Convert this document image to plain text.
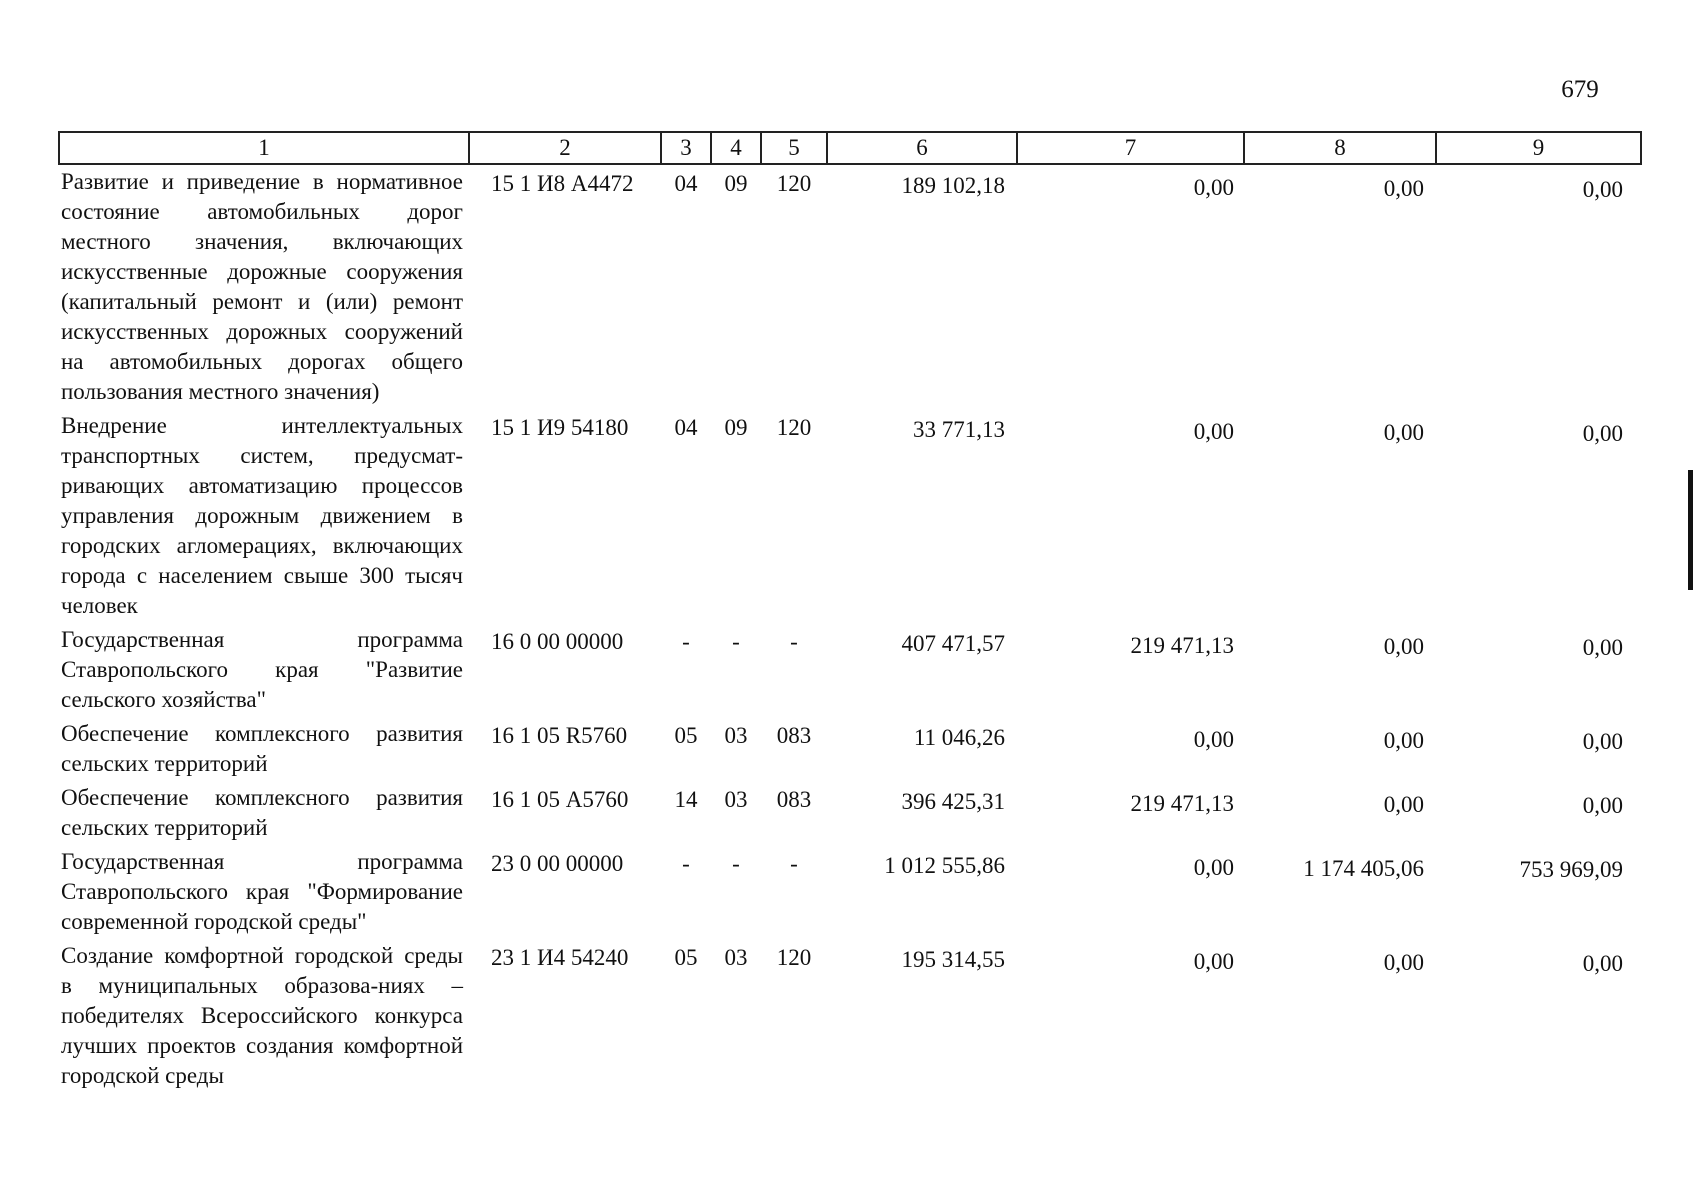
679
1	2	3	4	5	6	7	8	9
Развитие и приведение в нормативное состояние автомобильных дорог местного значения, включающих искусственные дорожные сооружения (капитальный ремонт и (или) ремонт искусственных дорожных сооружений на автомобильных дорогах общего пользования местного значения)	15 1 И8 А4472	04	09	120	189 102,18	0,00	0,00	0,00
Внедрение интеллектуальных транспортных систем, предусмат-ривающих автоматизацию процессов управления дорожным движением в городских агломерациях, включающих города с населением свыше 300 тысяч человек	15 1 И9 54180	04	09	120	33 771,13	0,00	0,00	0,00
Государственная программа Ставропольского края "Развитие сельского хозяйства"	16 0 00 00000	-	-	-	407 471,57	219 471,13	0,00	0,00
Обеспечение комплексного развития сельских территорий	16 1 05 R5760	05	03	083	11 046,26	0,00	0,00	0,00
Обеспечение комплексного развития сельских территорий	16 1 05 А5760	14	03	083	396 425,31	219 471,13	0,00	0,00
Государственная программа Ставропольского края "Формирование современной городской среды"	23 0 00 00000	-	-	-	1 012 555,86	0,00	1 174 405,06	753 969,09
Создание комфортной городской среды в муниципальных образова-ниях – победителях Всероссийского конкурса лучших проектов создания комфортной городской среды	23 1 И4 54240	05	03	120	195 314,55	0,00	0,00	0,00
